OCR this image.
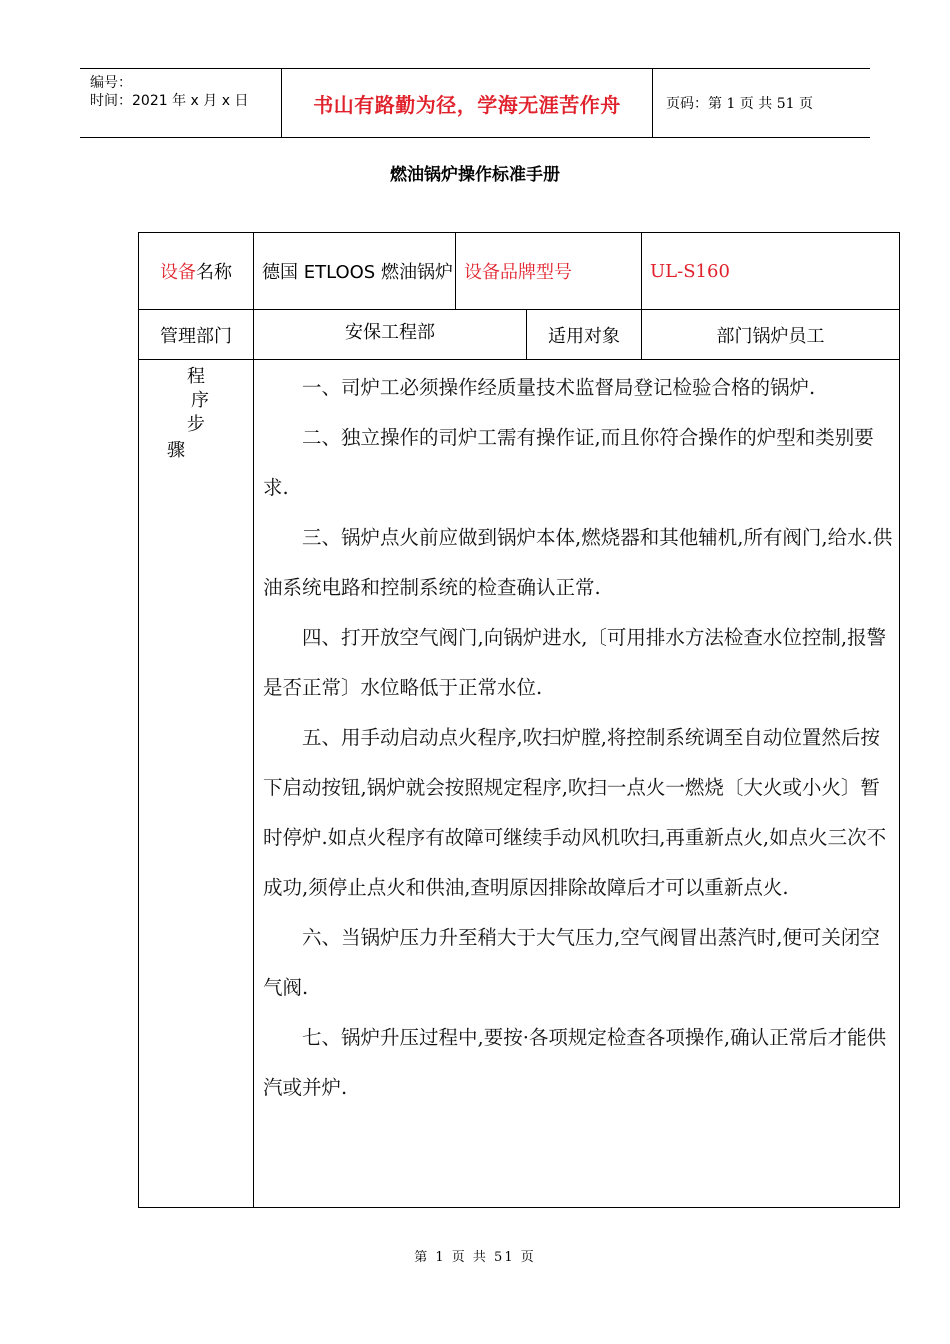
编号：
时间：2021 年 x 月 x 日	书山有路勤为径，学海无涯苦作舟	页码：第 1 页 共 51 页
燃油锅炉操作标准手册
设备 名称	德国 ETLOOS 燃油锅炉 设备品牌型号	UL-S160
管理部门	安保工程部	适用对象	部门锅炉员工
程
序
步
骤

一、司炉工必须操作经质量技术监督局登记检验合格的锅炉.

二、独立操作的司炉工需有操作证,而且你符合操作的炉型和类别要求.

三、锅炉点火前应做到锅炉本体,燃烧器和其他辅机,所有阀门,给水.供油系统电路和控制系统的检查确认正常.

四、打开放空气阀门,向锅炉进水,〔可用排水方法检查水位控制,报警是否正常〕水位略低于正常水位.

五、用手动启动点火程序,吹扫炉膛,将控制系统调至自动位置然后按下启动按钮,锅炉就会按照规定程序,吹扫一点火一燃烧〔大火或小火〕暂时停炉.如点火程序有故障可继续手动风机吹扫,再重新点火,如点火三次不成功,须停止点火和供油,查明原因排除故障后才可以重新点火.

六、当锅炉压力升至稍大于大气压力,空气阀冒出蒸汽时,便可关闭空气阀.

七、锅炉升压过程中,要按·各项规定检查各项操作,确认正常后才能供汽或并炉.

第 1 页 共 51 页
